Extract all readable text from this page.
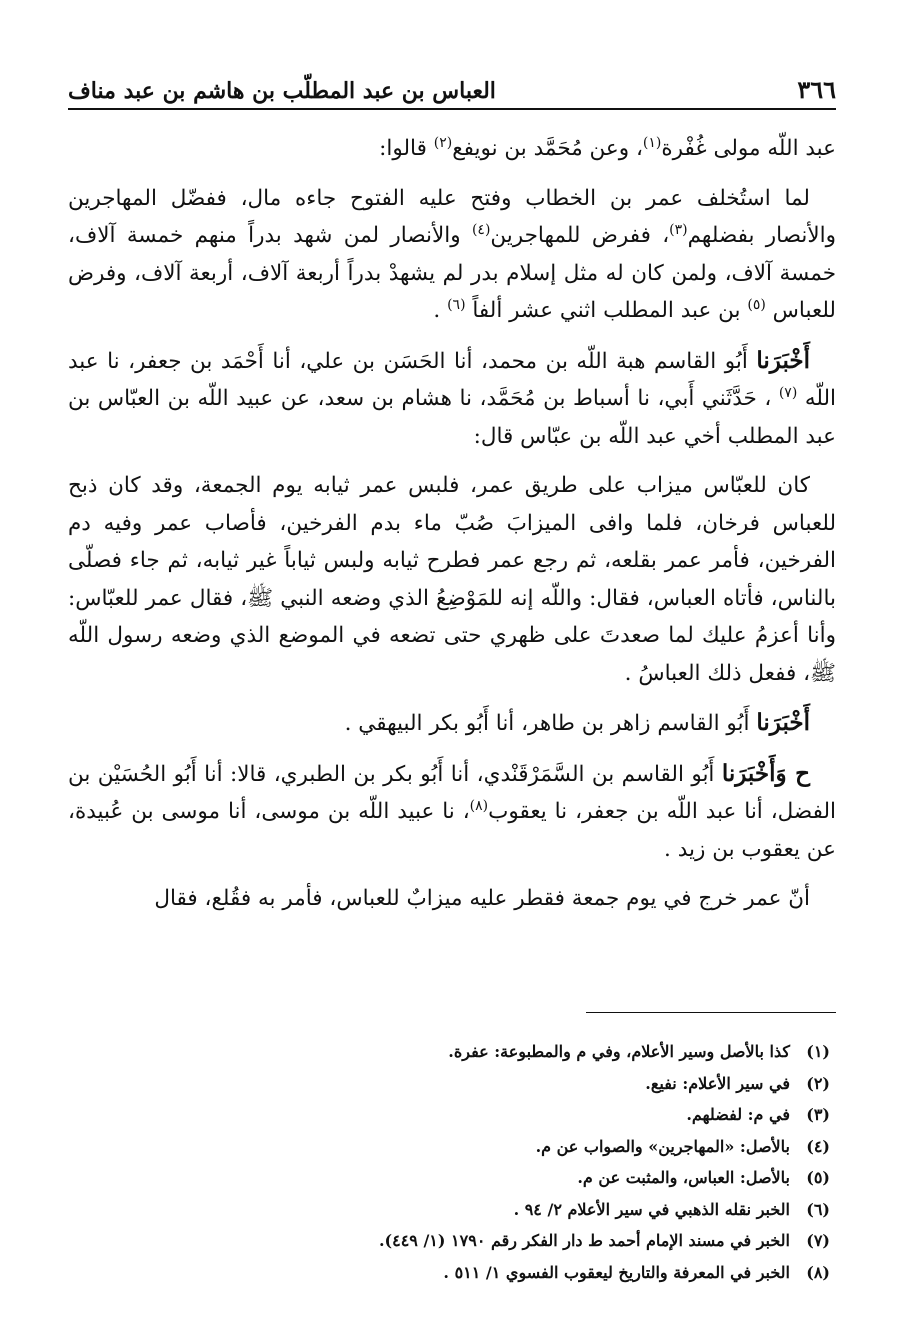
٣٦٦
العباس بن عبد المطلّب بن هاشم بن عبد مناف

عبد اللّه مولى غُفْرة$^{(١)}$، وعن مُحَمَّد بن نويفع$^{(٢)}$ قالوا:

لما استُخلف عمر بن الخطاب وفتح عليه الفتوح جاءه مال، ففضّل المهاجرين والأنصار بفضلهم$^{(٣)}$، ففرض للمهاجرين$^{(٤)}$ والأنصار لمن شهد بدراً منهم خمسة آلاف، خمسة آلاف، ولمن كان له مثل إسلام بدر لم يشهدْ بدراً أربعة آلاف، أربعة آلاف، وفرض للعباس $^{(٥)}$ بن عبد المطلب اثني عشر ألفاً $^{(٦)}$ .

أَخْبَرَنا أَبُو القاسم هبة اللّه بن محمد، أنا الحَسَن بن علي، أنا أَحْمَد بن جعفر، نا عبد اللّه $^{(٧)}$ ، حَدَّثَني أَبي، نا أسباط بن مُحَمَّد، نا هشام بن سعد، عن عبيد اللّه بن العبّاس بن عبد المطلب أخي عبد اللّه بن عبّاس قال:

كان للعبّاس ميزاب على طريق عمر، فلبس عمر ثيابه يوم الجمعة، وقد كان ذبح للعباس فرخان، فلما وافى الميزابَ صُبّ ماء بدم الفرخين، فأصاب عمر وفيه دم الفرخين، فأمر عمر بقلعه، ثم رجع عمر فطرح ثيابه ولبس ثياباً غير ثيابه، ثم جاء فصلّى بالناس، فأتاه العباس، فقال: واللّه إنه للمَوْضِعُ الذي وضعه النبي ﷺ، فقال عمر للعبّاس: وأنا أعزمُ عليك لما صعدتَ على ظهري حتى تضعه في الموضع الذي وضعه رسول اللّه ﷺ، ففعل ذلك العباسُ .

أَخْبَرَنا أَبُو القاسم زاهر بن طاهر، أنا أَبُو بكر البيهقي .

ح وَأَخْبَرَنا أَبُو القاسم بن السَّمَرْقَنْدي، أنا أَبُو بكر بن الطبري، قالا: أنا أَبُو الحُسَيْن بن الفضل، أنا عبد اللّه بن جعفر، نا يعقوب$^{(٨)}$، نا عبيد اللّه بن موسى، أنا موسى بن عُبيدة، عن يعقوب بن زيد .

أنّ عمر خرج في يوم جمعة فقطر عليه ميزابٌ للعباس، فأمر به فقُلع، فقال

(١)
كذا بالأصل وسير الأعلام، وفي م والمطبوعة: عفرة.
(٢)
في سير الأعلام: نفيع.
(٣)
في م: لفضلهم.
(٤)
بالأصل: «المهاجرين» والصواب عن م.
(٥)
بالأصل: العباس، والمثبت عن م.
(٦)
الخبر نقله الذهبي في سير الأعلام ٢/ ٩٤ .
(٧)
الخبر في مسند الإمام أحمد ط دار الفكر رقم ١٧٩٠ (١/ ٤٤٩).
(٨)
الخبر في المعرفة والتاريخ ليعقوب الفسوي ١/ ٥١١ .
